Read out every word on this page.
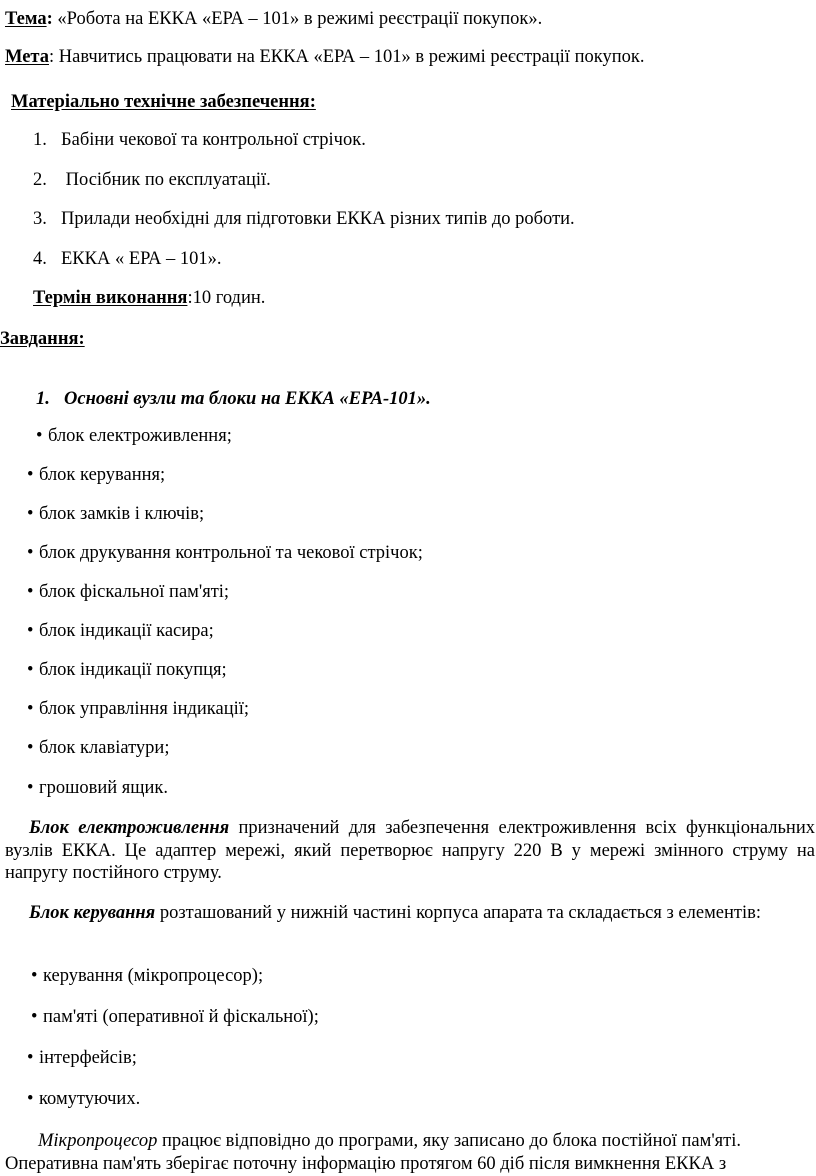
Тема: «Робота на ЕККА «ЕРА – 101» в режимі реєстрації покупок».
Мета: Навчитись працювати на ЕККА «ЕРА – 101» в режимі реєстрації покупок.
Матеріально технічне забезпечення:
1. Бабіни чекової та контрольної стрічок.
2. Посібник по експлуатації.
3. Прилади необхідні для підготовки ЕККА різних типів до роботи.
4. ЕККА « ЕРА – 101».
Термін виконання:10 годин.
Завдання:
1. Основні вузли та блоки на ЕККА «ЕРА-101».
• блок електроживлення;
• блок керування;
• блок замків і ключів;
• блок друкування контрольної та чекової стрічок;
• блок фіскальної пам'яті;
• блок індикації касира;
• блок індикації покупця;
• блок управління індикації;
• блок клавіатури;
• грошовий ящик.
Блок електроживлення призначений для забезпечення електроживлення всіх функціональних вузлів ЕККА. Це адаптер мережі, який перетворює напругу 220 В у мережі змінного струму на напругу постійного струму.
Блок керування розташований у нижній частині корпуса апарата та складається з елементів:
• керування (мікропроцесор);
• пам'яті (оперативної й фіскальної);
• інтерфейсів;
• комутуючих.
Мікропроцесор працює відповідно до програми, яку записано до блока постійної пам'яті.
Оперативна пам'ять зберігає поточну інформацію протягом 60 діб після вимкнення ЕККА з
